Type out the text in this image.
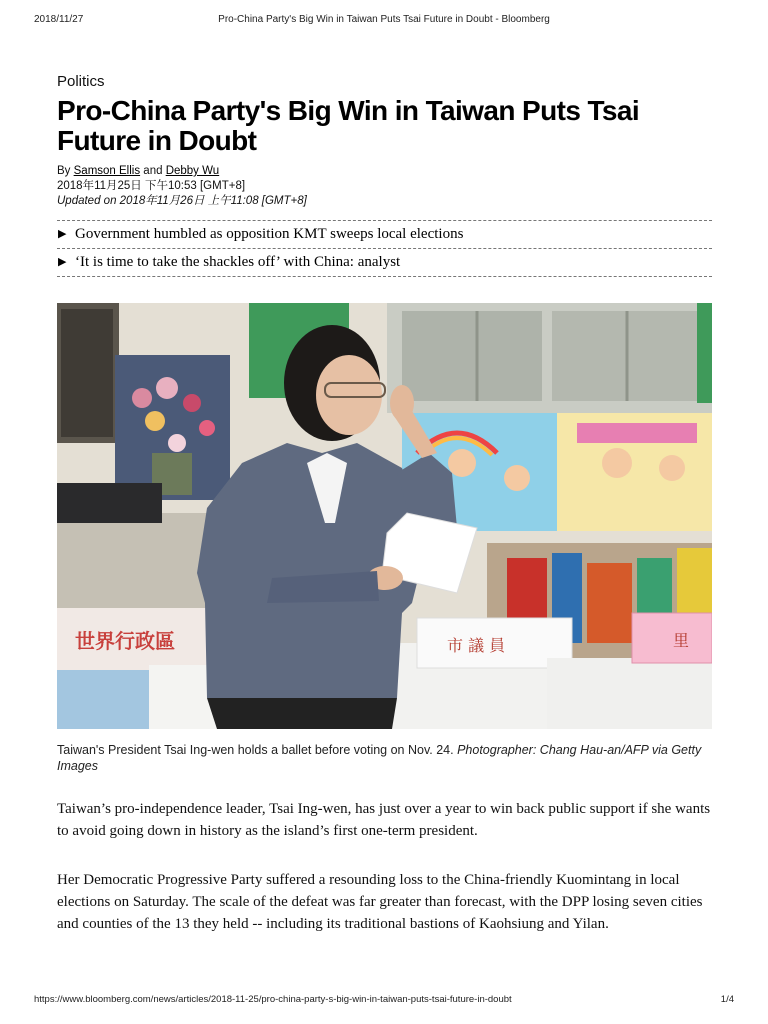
2018/11/27	Pro-China Party's Big Win in Taiwan Puts Tsai Future in Doubt - Bloomberg
Politics
Pro-China Party's Big Win in Taiwan Puts Tsai Future in Doubt
By Samson Ellis and Debby Wu
2018年11月25日 下午10:53 [GMT+8]
Updated on 2018年11月26日 上午11:08 [GMT+8]
▶ Government humbled as opposition KMT sweeps local elections
▶ ‘It is time to take the shackles off’ with China: analyst
世界行政區	市 議 員	里
Taiwan's President Tsai Ing-wen holds a ballet before voting on Nov. 24. Photographer: Chang Hau-an/AFP via Getty Images

Taiwan’s pro-independence leader, Tsai Ing-wen, has just over a year to win back public support if she wants to avoid going down in history as the island’s first one-term president.

Her Democratic Progressive Party suffered a resounding loss to the China-friendly Kuomintang in local elections on Saturday. The scale of the defeat was far greater than forecast, with the DPP losing seven cities and counties of the 13 they held -- including its traditional bastions of Kaohsiung and Yilan.

https://www.bloomberg.com/news/articles/2018-11-25/pro-china-party-s-big-win-in-taiwan-puts-tsai-future-in-doubt	1/4
